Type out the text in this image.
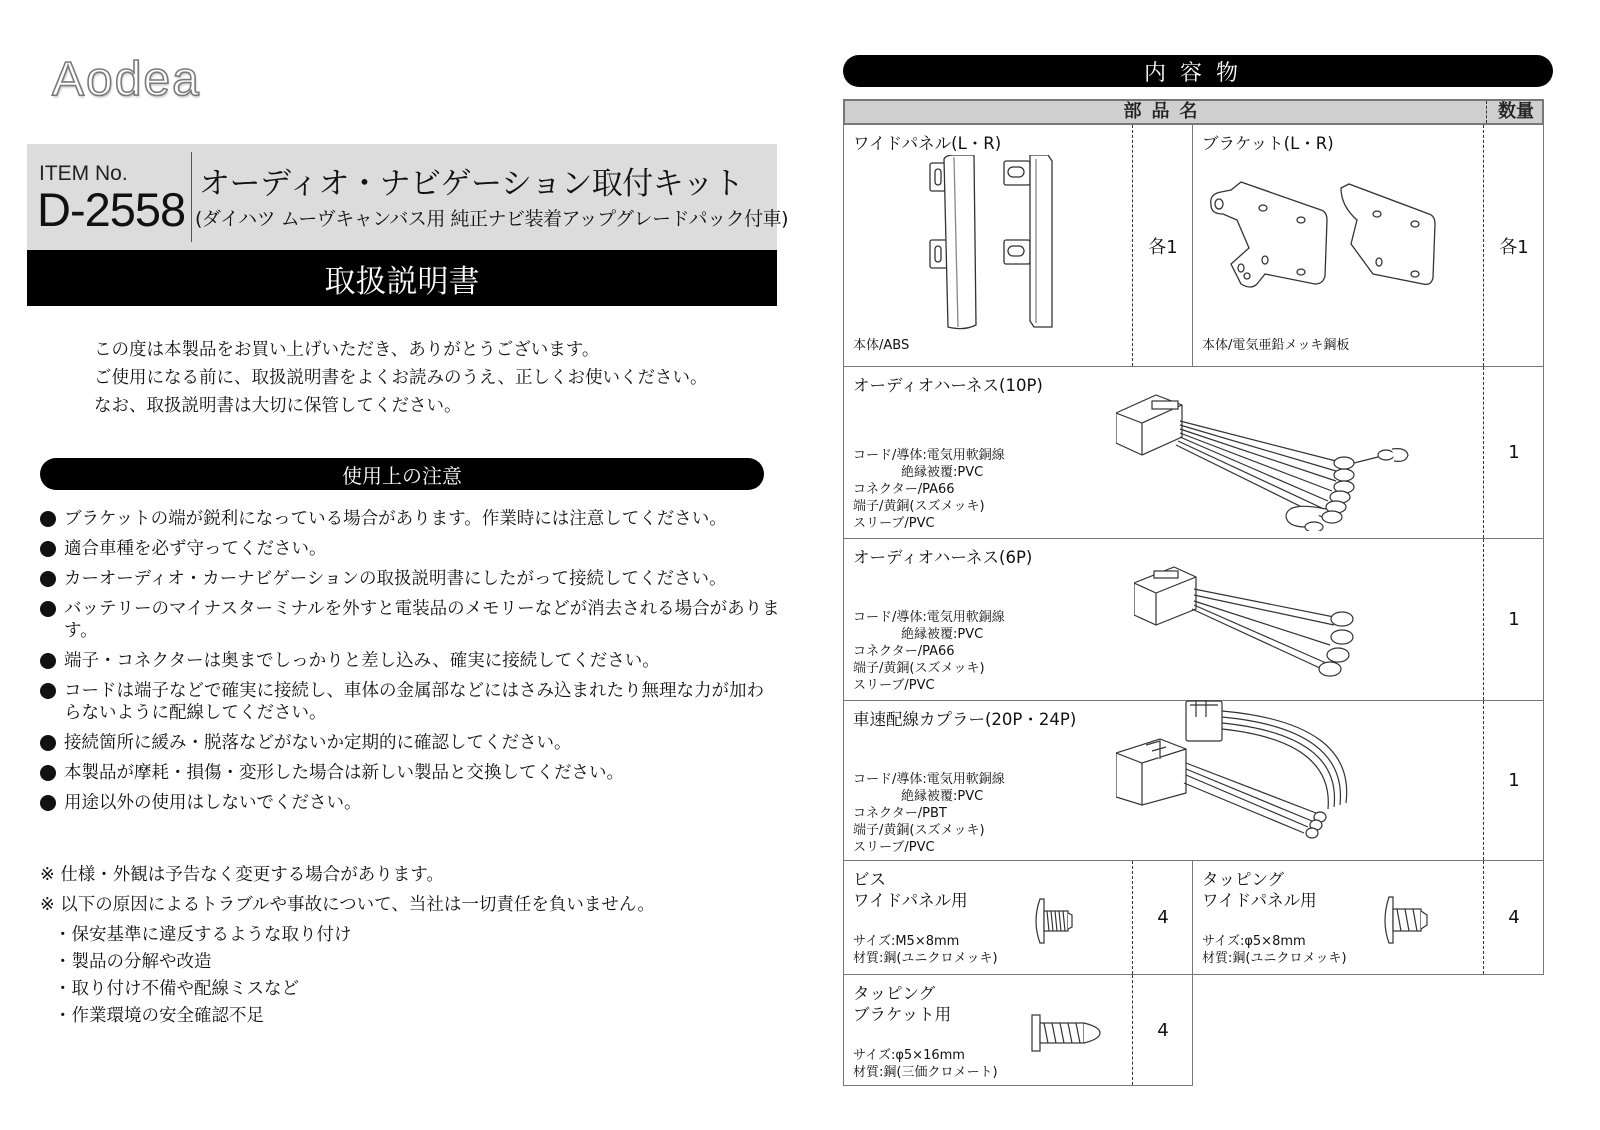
Aodea
ITEM No.
D-2558 オーディオ・ナビゲーション取付キット
(ダイハツ ムーヴキャンバス用 純正ナビ装着アップグレードパック付車)
取扱説明書
この度は本製品をお買い上げいただき、ありがとうございます。
ご使用になる前に、取扱説明書をよくお読みのうえ、正しくお使いください。
なお、取扱説明書は大切に保管してください。
使用上の注意
ブラケットの端が鋭利になっている場合があります。作業時には注意してください。
適合車種を必ず守ってください。
カーオーディオ・カーナビゲーションの取扱説明書にしたがって接続してください。
バッテリーのマイナスターミナルを外すと電装品のメモリーなどが消去される場合があります。
端子・コネクターは奥までしっかりと差し込み、確実に接続してください。
コードは端子などで確実に接続し、車体の金属部などにはさみ込まれたり無理な力が加わらないように配線してください。
接続箇所に緩み・脱落などがないか定期的に確認してください。
本製品が摩耗・損傷・変形した場合は新しい製品と交換してください。
用途以外の使用はしないでください。
※ 仕様・外観は予告なく変更する場合があります。
※ 以下の原因によるトラブルや事故について、当社は一切責任を負いません。
・保安基準に違反するような取り付け
・製品の分解や改造
・取り付け不備や配線ミスなど
・作業環境の安全確認不足
内容物
部品名	数量
ワイドパネル(L・R)
本体/ABS
各1
ブラケット(L・R)
本体/電気亜鉛メッキ鋼板
各1
オーディオハーネス(10P)
コード/導体:電気用軟銅線
絶縁被覆:PVC
コネクター/PA66
端子/黄銅(スズメッキ)
スリーブ/PVC
1
オーディオハーネス(6P)
コード/導体:電気用軟銅線
絶縁被覆:PVC
コネクター/PA66
端子/黄銅(スズメッキ)
スリーブ/PVC
1
車速配線カプラー(20P・24P)
コード/導体:電気用軟銅線
絶縁被覆:PVC
コネクター/PBT
端子/黄銅(スズメッキ)
スリーブ/PVC
1
ビス
ワイドパネル用
サイズ:M5×8mm
材質:鋼(ユニクロメッキ)
4
タッピング
ワイドパネル用
サイズ:φ5×8mm
材質:鋼(ユニクロメッキ)
4
タッピング
ブラケット用
サイズ:φ5×16mm
材質:鋼(三価クロメート)
4
